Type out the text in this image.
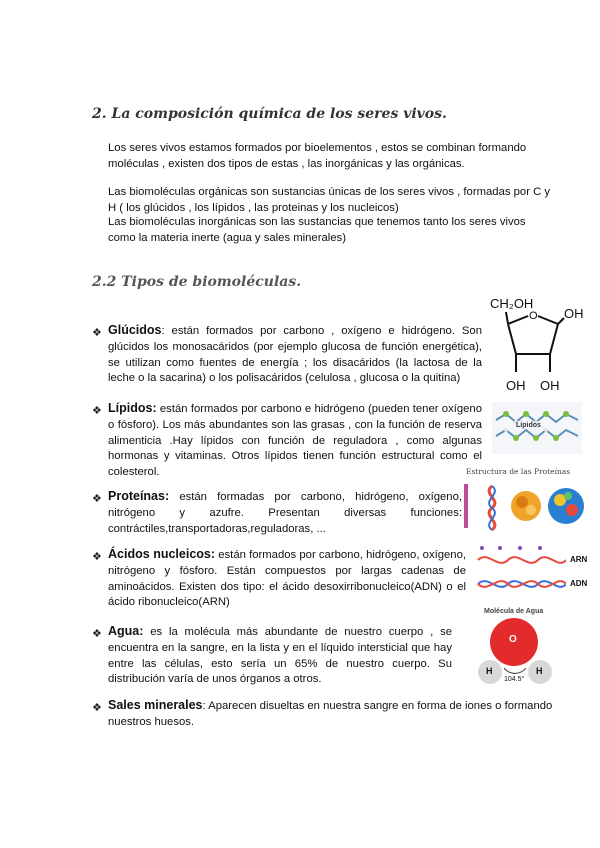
2. La composición química de los seres vivos.
Los seres vivos estamos formados por bioelementos , estos se combinan formando moléculas , existen dos tipos de estas , las inorgánicas y las orgánicas.
Las biomoléculas orgánicas son sustancias únicas de los seres vivos , formadas por C y H ( los glúcidos , los lípidos , las proteinas y los nucleicos)
Las biomoléculas inorgánicas son las sustancias que tenemos tanto los seres vivos como la materia inerte (agua y sales minerales)
2.2 Tipos de biomoléculas.
❖ Glúcidos: están formados por carbono , oxígeno e hidrógeno. Son glúcidos los monosacáridos (por ejemplo glucosa de función energética), se utilizan como fuentes de energía ; los disacáridos (la lactosa de la leche o la sacarina) o los polisacáridos (celulosa , glucosa o la quitina)
❖ Lípidos: están formados por carbono e hidrógeno (pueden tener oxígeno o fósforo). Los más abundantes son las grasas , con la función de reserva alimenticia .Hay lípidos con función de reguladora , como algunas hormonas y vitaminas. Otros lípidos tienen función estructural como el colesterol.
❖ Proteínas: están formadas por carbono, hidrógeno, oxígeno, nitrógeno y azufre. Presentan diversas funciones: contráctiles,transportadoras,reguladoras, ...
❖ Ácidos nucleicos: están formados por carbono, hidrógeno, oxígeno, nitrógeno y fósforo. Están compuestos por largas cadenas de aminoácidos. Existen dos tipo: el ácido desoxirribonucleico(ADN) o el ácido ribonucleico(ARN)
❖ Agua: es la molécula más abundante de nuestro cuerpo , se encuentra en la sangre, en la lista y en el líquido intersticial que hay entre las células, esto sería un 65% de nuestro cuerpo. Su distribución varía de unos órganos a otros.
❖ Sales minerales: Aparecen disueltas en nuestra sangre en forma de iones o formando nuestros huesos.
CH₂OH
O OH
OH OH
Lípidos
Estructura de las Proteínas
ARN
ADN
Molécula de Agua
O
H	H
104.5°
